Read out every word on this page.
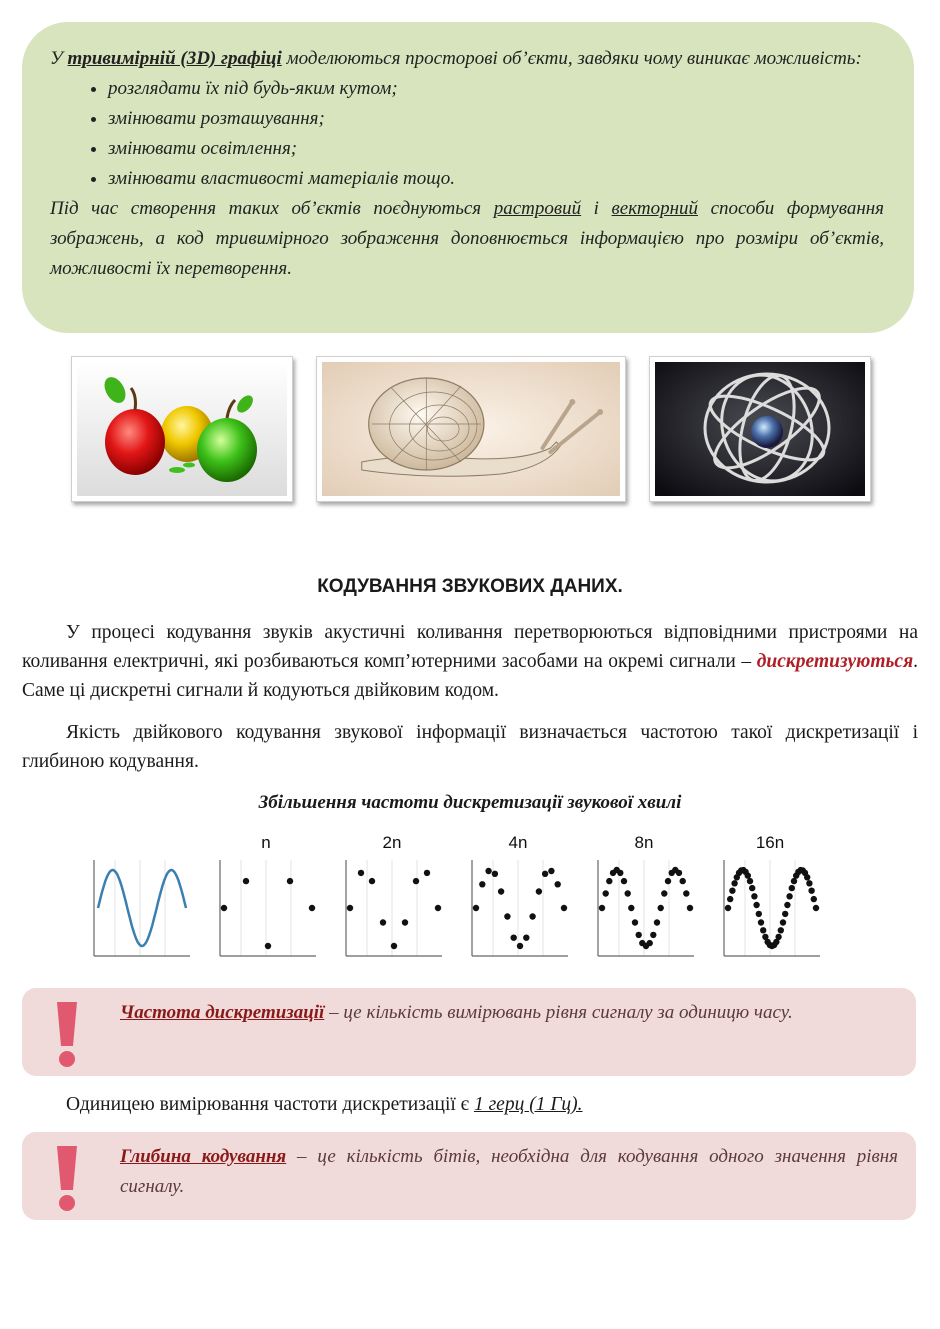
У тривимірній (3D) графіці моделюються просторові об’єкти, завдяки чому виникає можливість:

• розглядати їх під будь-яким кутом;
• змінювати розташування;
• змінювати освітлення;
• змінювати властивості матеріалів тощо.

Під час створення таких об’єктів поєднуються растровий і векторний способи формування зображень, а код тривимірного зображення доповнюється інформацією про розміри об’єктів, можливості їх перетворення.

КОДУВАННЯ ЗВУКОВИХ ДАНИХ.

У процесі кодування звуків акустичні коливання перетворюються відповідними пристроями на коливання електричні, які розбиваються комп’ютерними засобами на окремі сигнали – дискретизуються. Саме ці дискретні сигнали й кодуються двійковим кодом.

Якість двійкового кодування звукової інформації визначається частотою такої дискретизації і глибиною кодування.

Збільшення частоти дискретизації звукової хвилі
n	2n	4n	8n	16n

Частота дискретизації – це кількість вимірювань рівня сигналу за одиницю часу.

Одиницею вимірювання частоти дискретизації є 1 герц (1 Гц).

Глибина кодування – це кількість бітів, необхідна для кодування одного значення рівня сигналу.
